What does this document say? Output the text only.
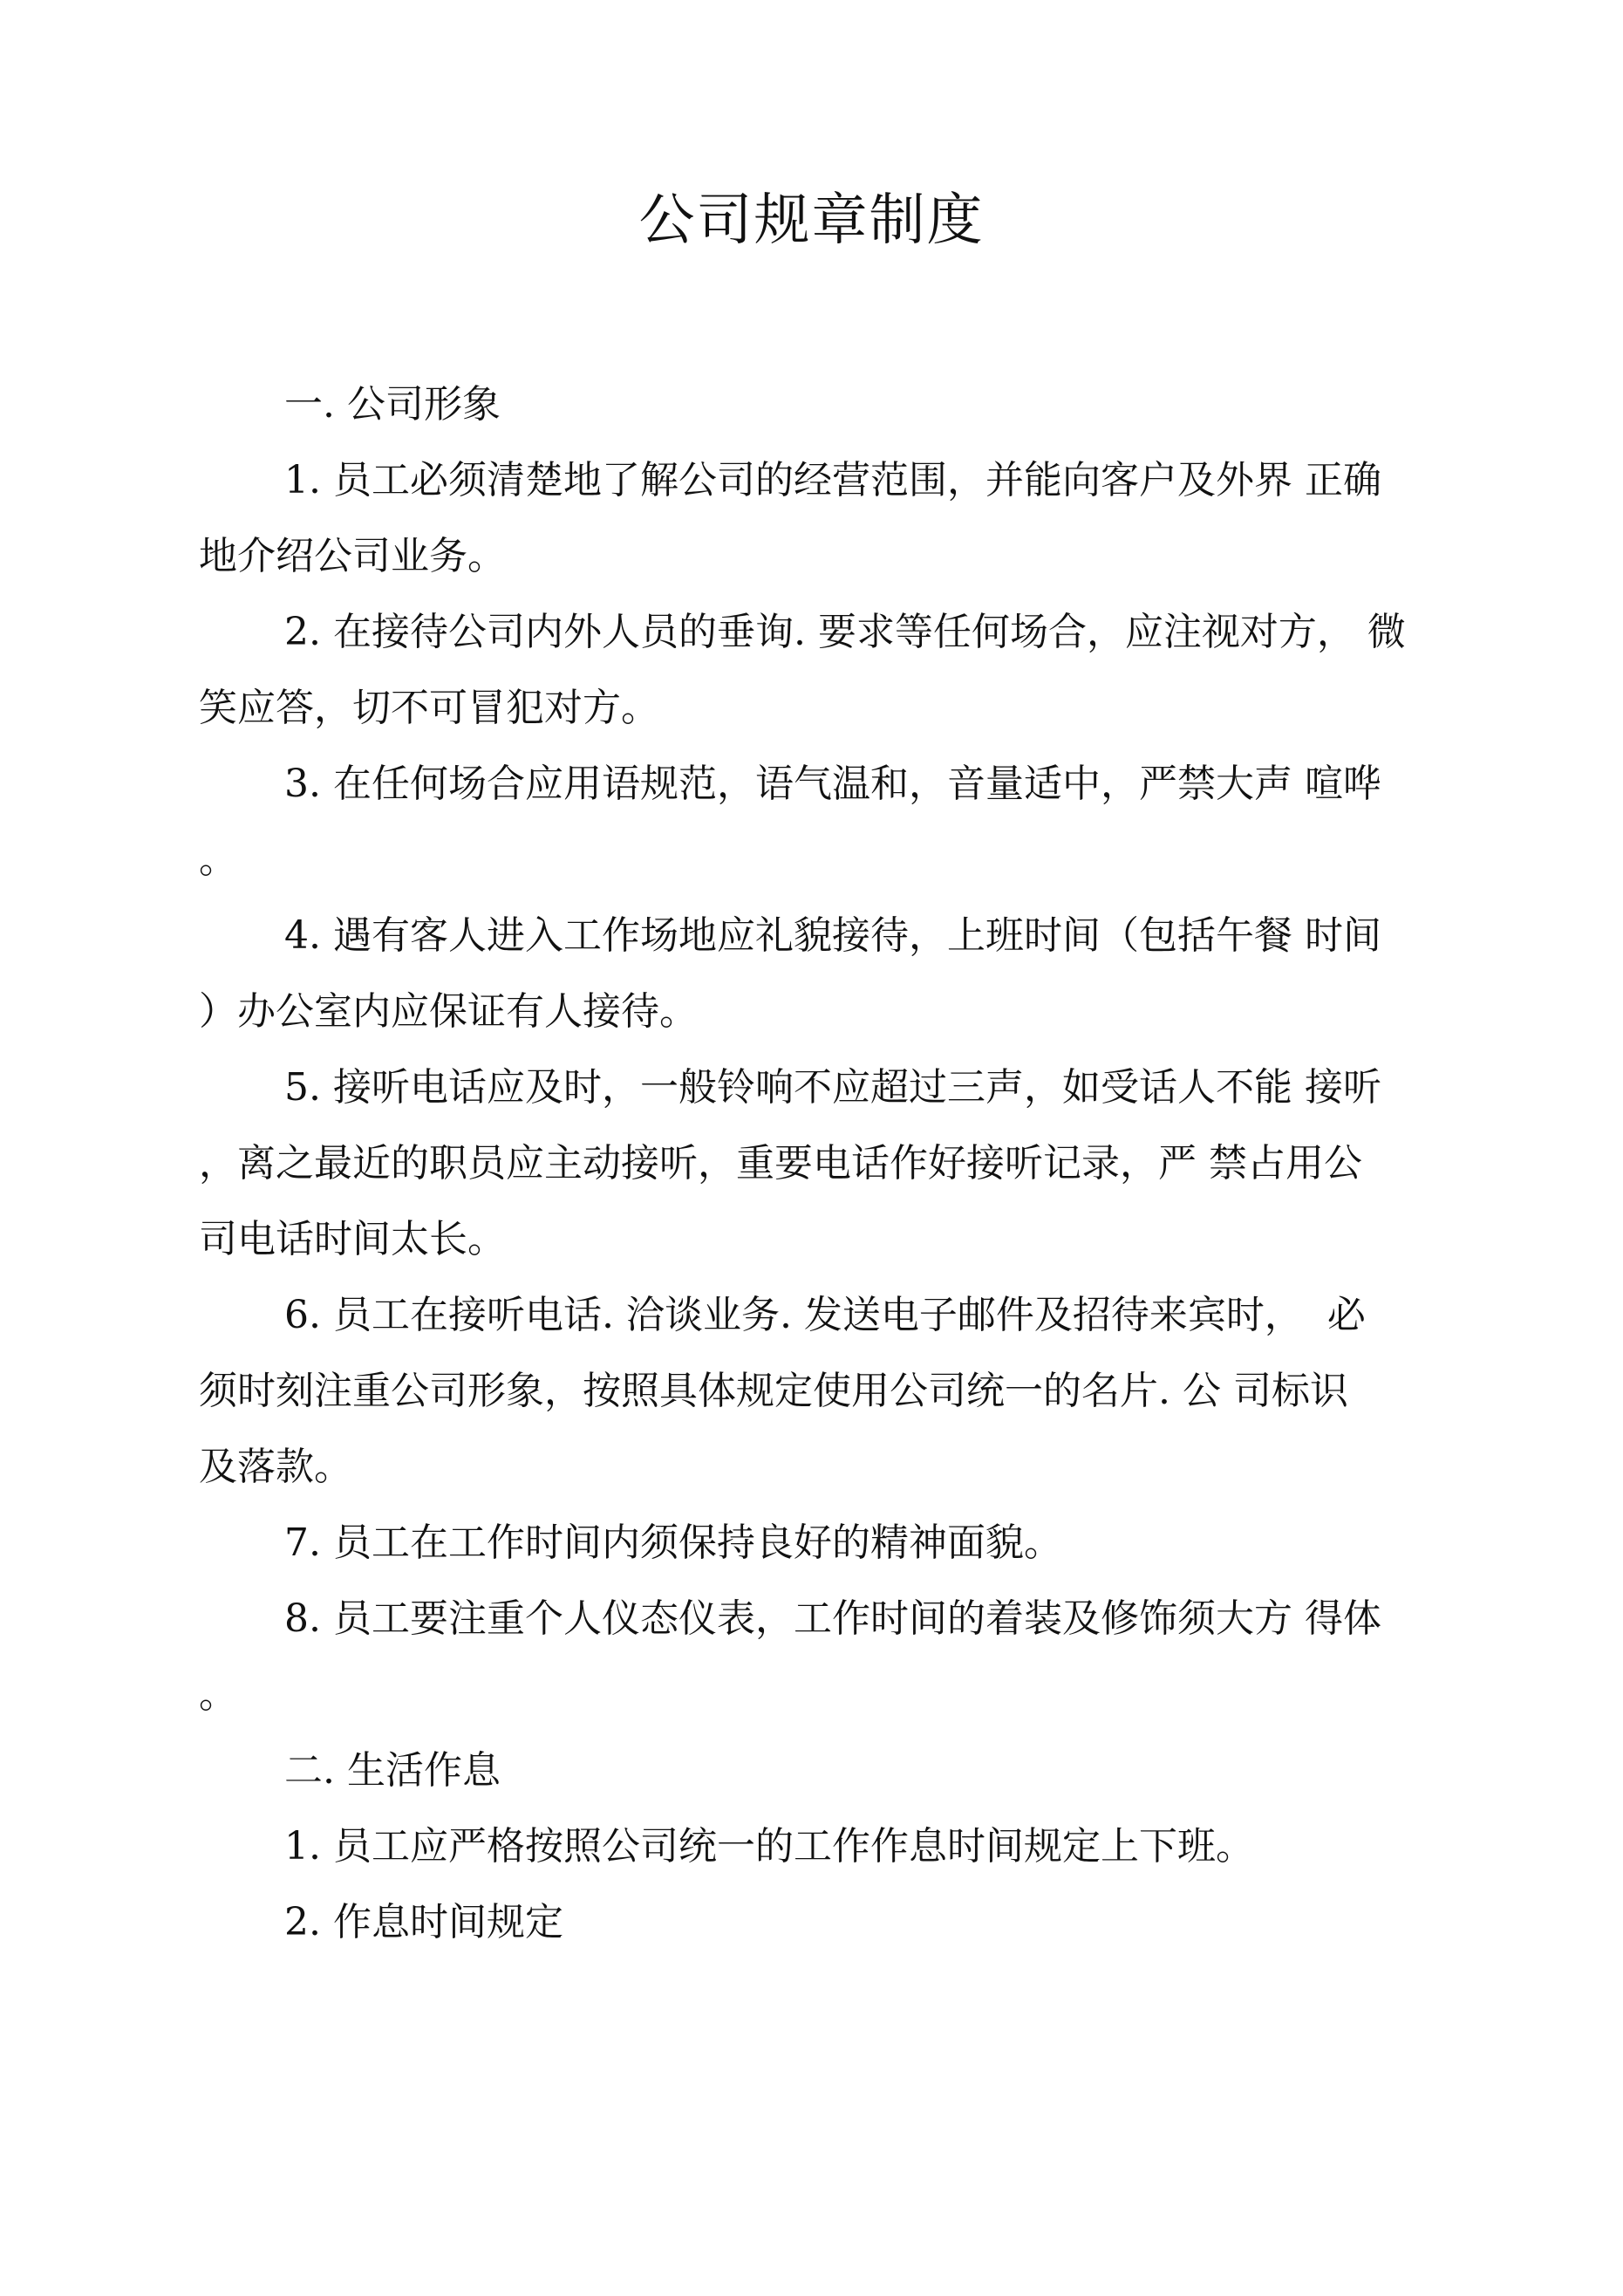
公司规章制度

一. 公司形象

1. 员工必须清楚地了解公司的经营范围，并能向客户及外界 正确

地介绍公司业务。

2. 在接待公司内外人员的垂询. 要求等任何场合，应注视对方， 微

笑应答，切不可冒犯对方。

3. 在任何场合应用语规范，语气温和，音量适中，严禁大声 喧哗

。

4. 遇有客人进入工作场地应礼貌接待，上班时间（包括午餐 时间

）办公室内应保证有人接待。

5. 接听电话应及时，一般铃响不应超过三声，如受话人不能 接听

，离之最近的职员应主动接听，重要电话作好接听记录，严 禁占用公

司电话时间太长。

6. 员工在接听电话. 洽谈业务. 发送电子邮件及招待来宾时，  必

须时刻注重公司形象，按照具体规定使用公司统一的名片. 公 司标识

及落款。

7. 员工在工作时间内须保持良好的精神面貌。

8. 员工要注重个人仪态仪表，工作时间的着装及修饰须大方 得体

。

二. 生活作息

1. 员工应严格按照公司统一的工作作息时间规定上下班。

2. 作息时间规定
